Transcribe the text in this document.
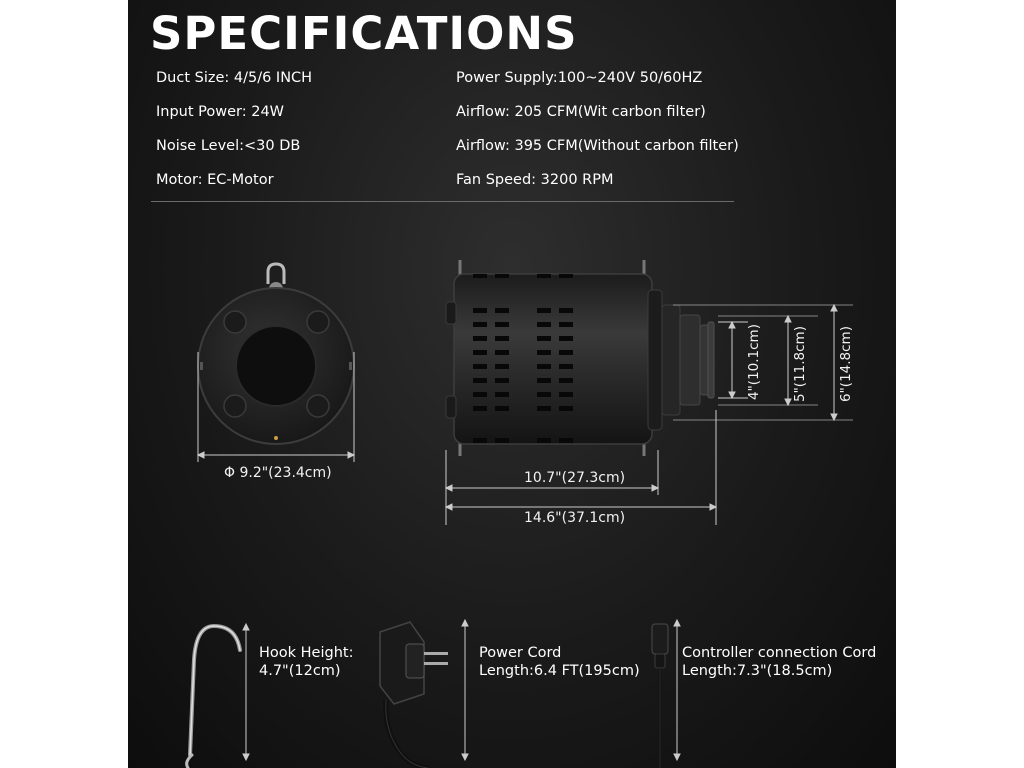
SPECIFICATIONS
Duct Size: 4/5/6 INCH	Power Supply:100~240V 50/60HZ
Input Power: 24W	Airflow: 205 CFM(Wit carbon filter)
Noise Level:<30 DB	Airflow: 395 CFM(Without carbon filter)
Motor: EC-Motor	Fan Speed: 3200 RPM
Φ 9.2"(23.4cm)	10.7"(27.3cm)
14.6"(37.1cm)
4"(10.1cm) 5"(11.8cm) 6"(14.8cm)
Hook Height:
4.7"(12cm)
Power Cord
Length:6.4 FT(195cm)
Controller connection Cord
Length:7.3"(18.5cm)
